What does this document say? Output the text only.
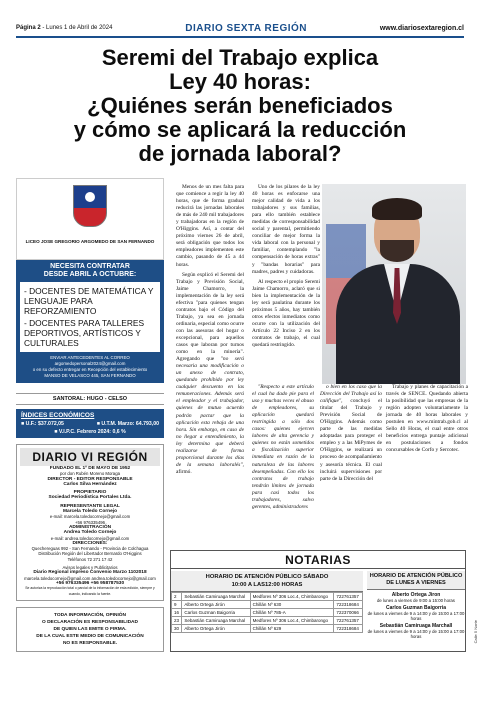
Página 2 - Lunes 1 de Abril de 2024	DIARIO SEXTA REGIÓN	www.diariosextaregion.cl
Seremi del Trabajo explica
Ley 40 horas:
¿Quiénes serán beneficiados
y cómo se aplicará la reducción
de jornada laboral?
LICEO JOSE GREGORIO ARGOMEDO DE SAN FERNANDO
NECESITA CONTRATAR
DESDE ABRIL A OCTUBRE:
- DOCENTES DE MATEMÁTICA Y LENGUAJE PARA REFORZAMIENTO
- DOCENTES PARA TALLERES DEPORTIVOS, ARTÍSTICOS Y CULTURALES
ENVIAR ANTECEDENTES AL CORREO
argomedopersonal2024@gmail.com
o en su defecto entregar en Recepción del establecimiento
MANSO DE VELASCO 445, SAN FERNANDO
SANTORAL: HUGO - CELSO
ÍNDICES ECONÓMICOS
■ U.F.: $37.072,05	■ U.T.M. Marzo: 64.793,00
■ V.I.P.C. Febrero 2024: 0,6 %
DIARIO VI REGIÓN
FUNDADO EL 1º DE MAYO DE 1952
por don Rubén Moreno Moraga
DIRECTOR - EDITOR RESPONSABLE
Carlos Silva Hernández
PROPIETARIO
Sociedad Periodística Portales Ltda.
REPRESENTANTE LEGAL
Marcela Toledo Cornejo
e-mail: marcela.toledocornejo@gmail.com
+56 976335496
ADMINISTRACIÓN
Andrea Toledo Cornejo
e-mail: andrea.toledocornejo@gmail.com
DIRECCIONES:
Quechereguas 992 - San Fernando - Provincia de Colchagua
Distribución Región del Libertador Bernardo O'Higgins
Teléfonos 72 271 17 42
Avisos legales y Publicitarios
Diario Regional impreso Convenio Marzo 1102018
marcela.toledocornejo@gmail.com andrea.toledocornejo@gmail.com
+56 976335496 +56 958787530
Se autoriza la reproducción total o parcial de la información de esta edición, siempre y cuando, indicando la fuente.
TODA INFORMACIÓN, OPINIÓN
O DECLARACIÓN ES RESPONSABILIDAD
DE QUIEN LAS EMITE O FIRMA.
DE LA CUAL ESTE MEDIO DE COMUNICACIÓN
NO ES RESPONSABLE.

Menos de un mes falta para que comience a regir la ley 40 horas, que de forma gradual reducirá las jornadas laborales de más de 240 mil trabajadores y trabajadoras en la región de O'Higgins. Así, a contar del próximo viernes 26 de abril, será obligación que todos los empleadores implementen este cambio, pasando de 45 a 44 horas.

Según explicó el Seremi del Trabajo y Previsión Social, Jaime Chamorro, la implementación de la ley será efectiva "para quienes tengan contratos bajo el Código del Trabajo, ya sea en jornada ordinaria, especial como ocurre con las asesoras del hogar o excepcional, para aquellos casos que laboran por turnos como en la minería". Agregando que "no será necesaria una modificación o un anexo de contrato, quedando prohibido por ley cualquier descuento en las remuneraciones. Además será el empleador y el trabajador, quienes de mutuo acuerdo podrán pactar que la aplicación esta rebaja de una hora. Sin embargo, en caso de no llegar a entendimiento, la ley determina que deberá realizarse de forma proporcional durante los días de la semana laboralés", afirmó.

Uno de los pilares de la ley 40 horas es enfocarse una mejor calidad de vida a los trabajadores y sus familias, para ello también establece medidas de corresponsabilidad social y parental, permitiendo conciliar de mejor forma la vida laboral con la personal y familiar, contemplando "la compensación de horas extras" y "bandas horarias" para madres, padres y cuidadoras.

Al respecto el propio Seremi Jaime Chamorro, aclaró que si bien la implementación de la ley será paulatina durante los próximos 5 años, hay también otros efectos inmediatos como ocurre con la utilización del Artículo 22 Inciso 2 en los contratos de trabajo, el cual quedará restringido.

"Respecto a este artículo el cual ha dado pie para el uso y muchas veces el abuso de empleadores, su aplicación quedará restringida a sólo dos casos: quienes ejercen labores de alta gerencia y quienes no están sometidos a fiscalización superior inmediata en razón de la naturaleza de las labores desempeñadas. Con ello los contratos de trabajo tendrán límites de jornada para casi todos los trabajadores, salvo gerentes, administradores

o bien en los caso que la Dirección del Trabajo así lo califique", concluyó el titular del Trabajo y Previsión Social de O'Higgins. Además como parte de las medidas adoptadas para proteger el empleo y a las MiPymes de O'Higgins, se realizará un proceso de acompañamiento y asesoría técnica. El cual incluirá supervisiones por parte de la Dirección del

Trabajo y planes de capacitación a través de SENCE. Quedando abierta la posibilidad que las empresas de la región adopten voluntariamente la jornada de 40 horas laborales y postulen en www.mintrab.gob.cl al Sello 40 Horas, el cual entre otros beneficios entrega puntaje adicional en postulaciones a fondos concursables de Corfo y Sercotec.

NOTARIAS
HORARIO DE ATENCIÓN PÚBLICO SÁBADO
10:00 A LAS12:00 HORAS
2	Sebastián Camiruaga Marchal	Medfores Nº 306 Loc.4, Chimbarongo	722761357
9	Alberto Ortega Jirón	Chillán Nº 630	722318684
16	Carlos Guzman Baigorria	Chillán Nº 785-A	722370066
23	Sebastián Camiruaga Marchal	Medfores Nº 306 Loc.4, Chimbarongo	722761357
30	Alberto Ortega Jirón	Chillán Nº 629	722318684
HORARIO DE ATENCIÓN PÚBLICO
DE LUNES A VIERNES
Alberto Ortega Jiron
de lunes a viernes de 9:00 a 15:00 horas
Carlos Guzman Baigorria
de lunes a viernes de 9 a 14:00 y de 15:00 a 17:00 horas
Sebastián Camiruaga Marchall
de lunes a viernes de 9 a 14:00 y de 15:00 a 17:00 horas	Calle 5 Norte
